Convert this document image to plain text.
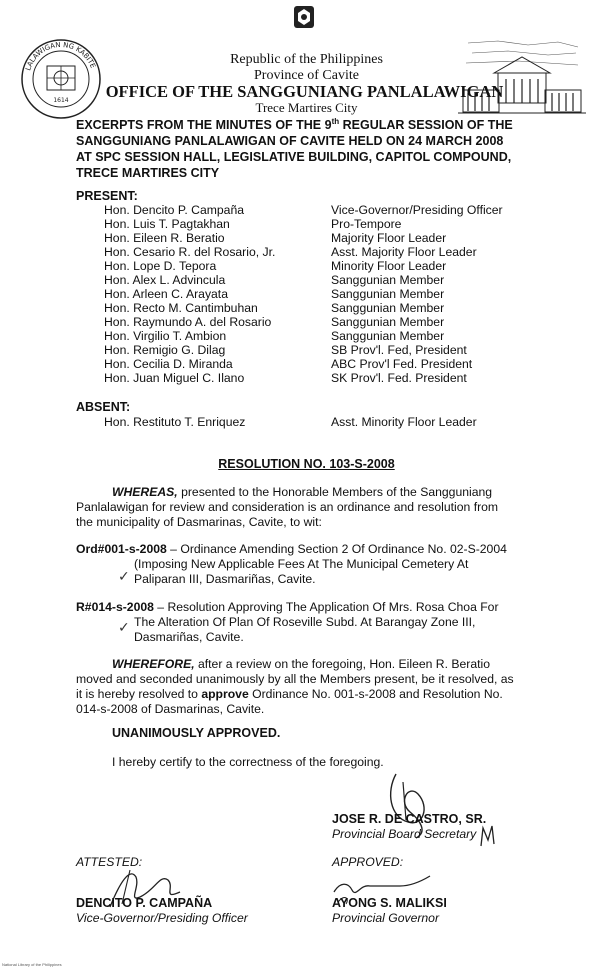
LALAWIGAN NG KABITE
1614
Republic of the Philippines
Province of Cavite
OFFICE OF THE SANGGUNIANG PANLALAWIGAN
Trece Martires City
EXCERPTS FROM THE MINUTES OF THE 9th REGULAR SESSION OF THE
SANGGUNIANG PANLALAWIGAN OF CAVITE HELD ON 24 MARCH 2008
AT SPC SESSION HALL, LEGISLATIVE BUILDING, CAPITOL COMPOUND,
TRECE MARTIRES CITY
PRESENT:
Hon. Dencito P. Campaña	Vice-Governor/Presiding Officer
Hon. Luis T. Pagtakhan	Pro-Tempore
Hon. Eileen R. Beratio	Majority Floor Leader
Hon. Cesario R. del Rosario, Jr.	Asst. Majority Floor Leader
Hon. Lope D. Tepora	Minority Floor Leader
Hon. Alex L. Advincula	Sanggunian Member
Hon. Arleen C. Arayata	Sanggunian Member
Hon. Recto M. Cantimbuhan	Sanggunian Member
Hon. Raymundo A. del Rosario	Sanggunian Member
Hon. Virgilio T. Ambion	Sanggunian Member
Hon. Remigio G. Dilag	SB Prov'l. Fed, President
Hon. Cecilia D. Miranda	ABC Prov'l Fed. President
Hon. Juan Miguel C. Ilano	SK Prov'l. Fed. President
ABSENT:
Hon. Restituto T. Enriquez	Asst. Minority Floor Leader
RESOLUTION NO. 103-S-2008
WHEREAS, presented to the Honorable Members of the Sangguniang
Panlalawigan for review and consideration is an ordinance and resolution from
the municipality of Dasmarinas, Cavite, to wit:
Ord#001-s-2008 – Ordinance Amending Section 2 Of Ordinance No. 02-S-2004
(Imposing New Applicable Fees At The Municipal Cemetery At
Paliparan III, Dasmariñas, Cavite.
✓
R#014-s-2008 – Resolution Approving The Application Of Mrs. Rosa Choa For
The Alteration Of Plan Of Roseville Subd. At Barangay Zone III,
Dasmariñas, Cavite.
✓
WHEREFORE, after a review on the foregoing, Hon. Eileen R. Beratio
moved and seconded unanimously by all the Members present, be it resolved, as
it is hereby resolved to approve Ordinance No. 001-s-2008 and Resolution No.
014-s-2008 of Dasmarinas, Cavite.
UNANIMOUSLY APPROVED.
I hereby certify to the correctness of the foregoing.
JOSE R. DE CASTRO, SR.
Provincial Board Secretary
ATTESTED:
DENCITO P. CAMPAÑA
Vice-Governor/Presiding Officer
APPROVED:
AYONG S. MALIKSI
Provincial Governor
National Library of the Philippines
